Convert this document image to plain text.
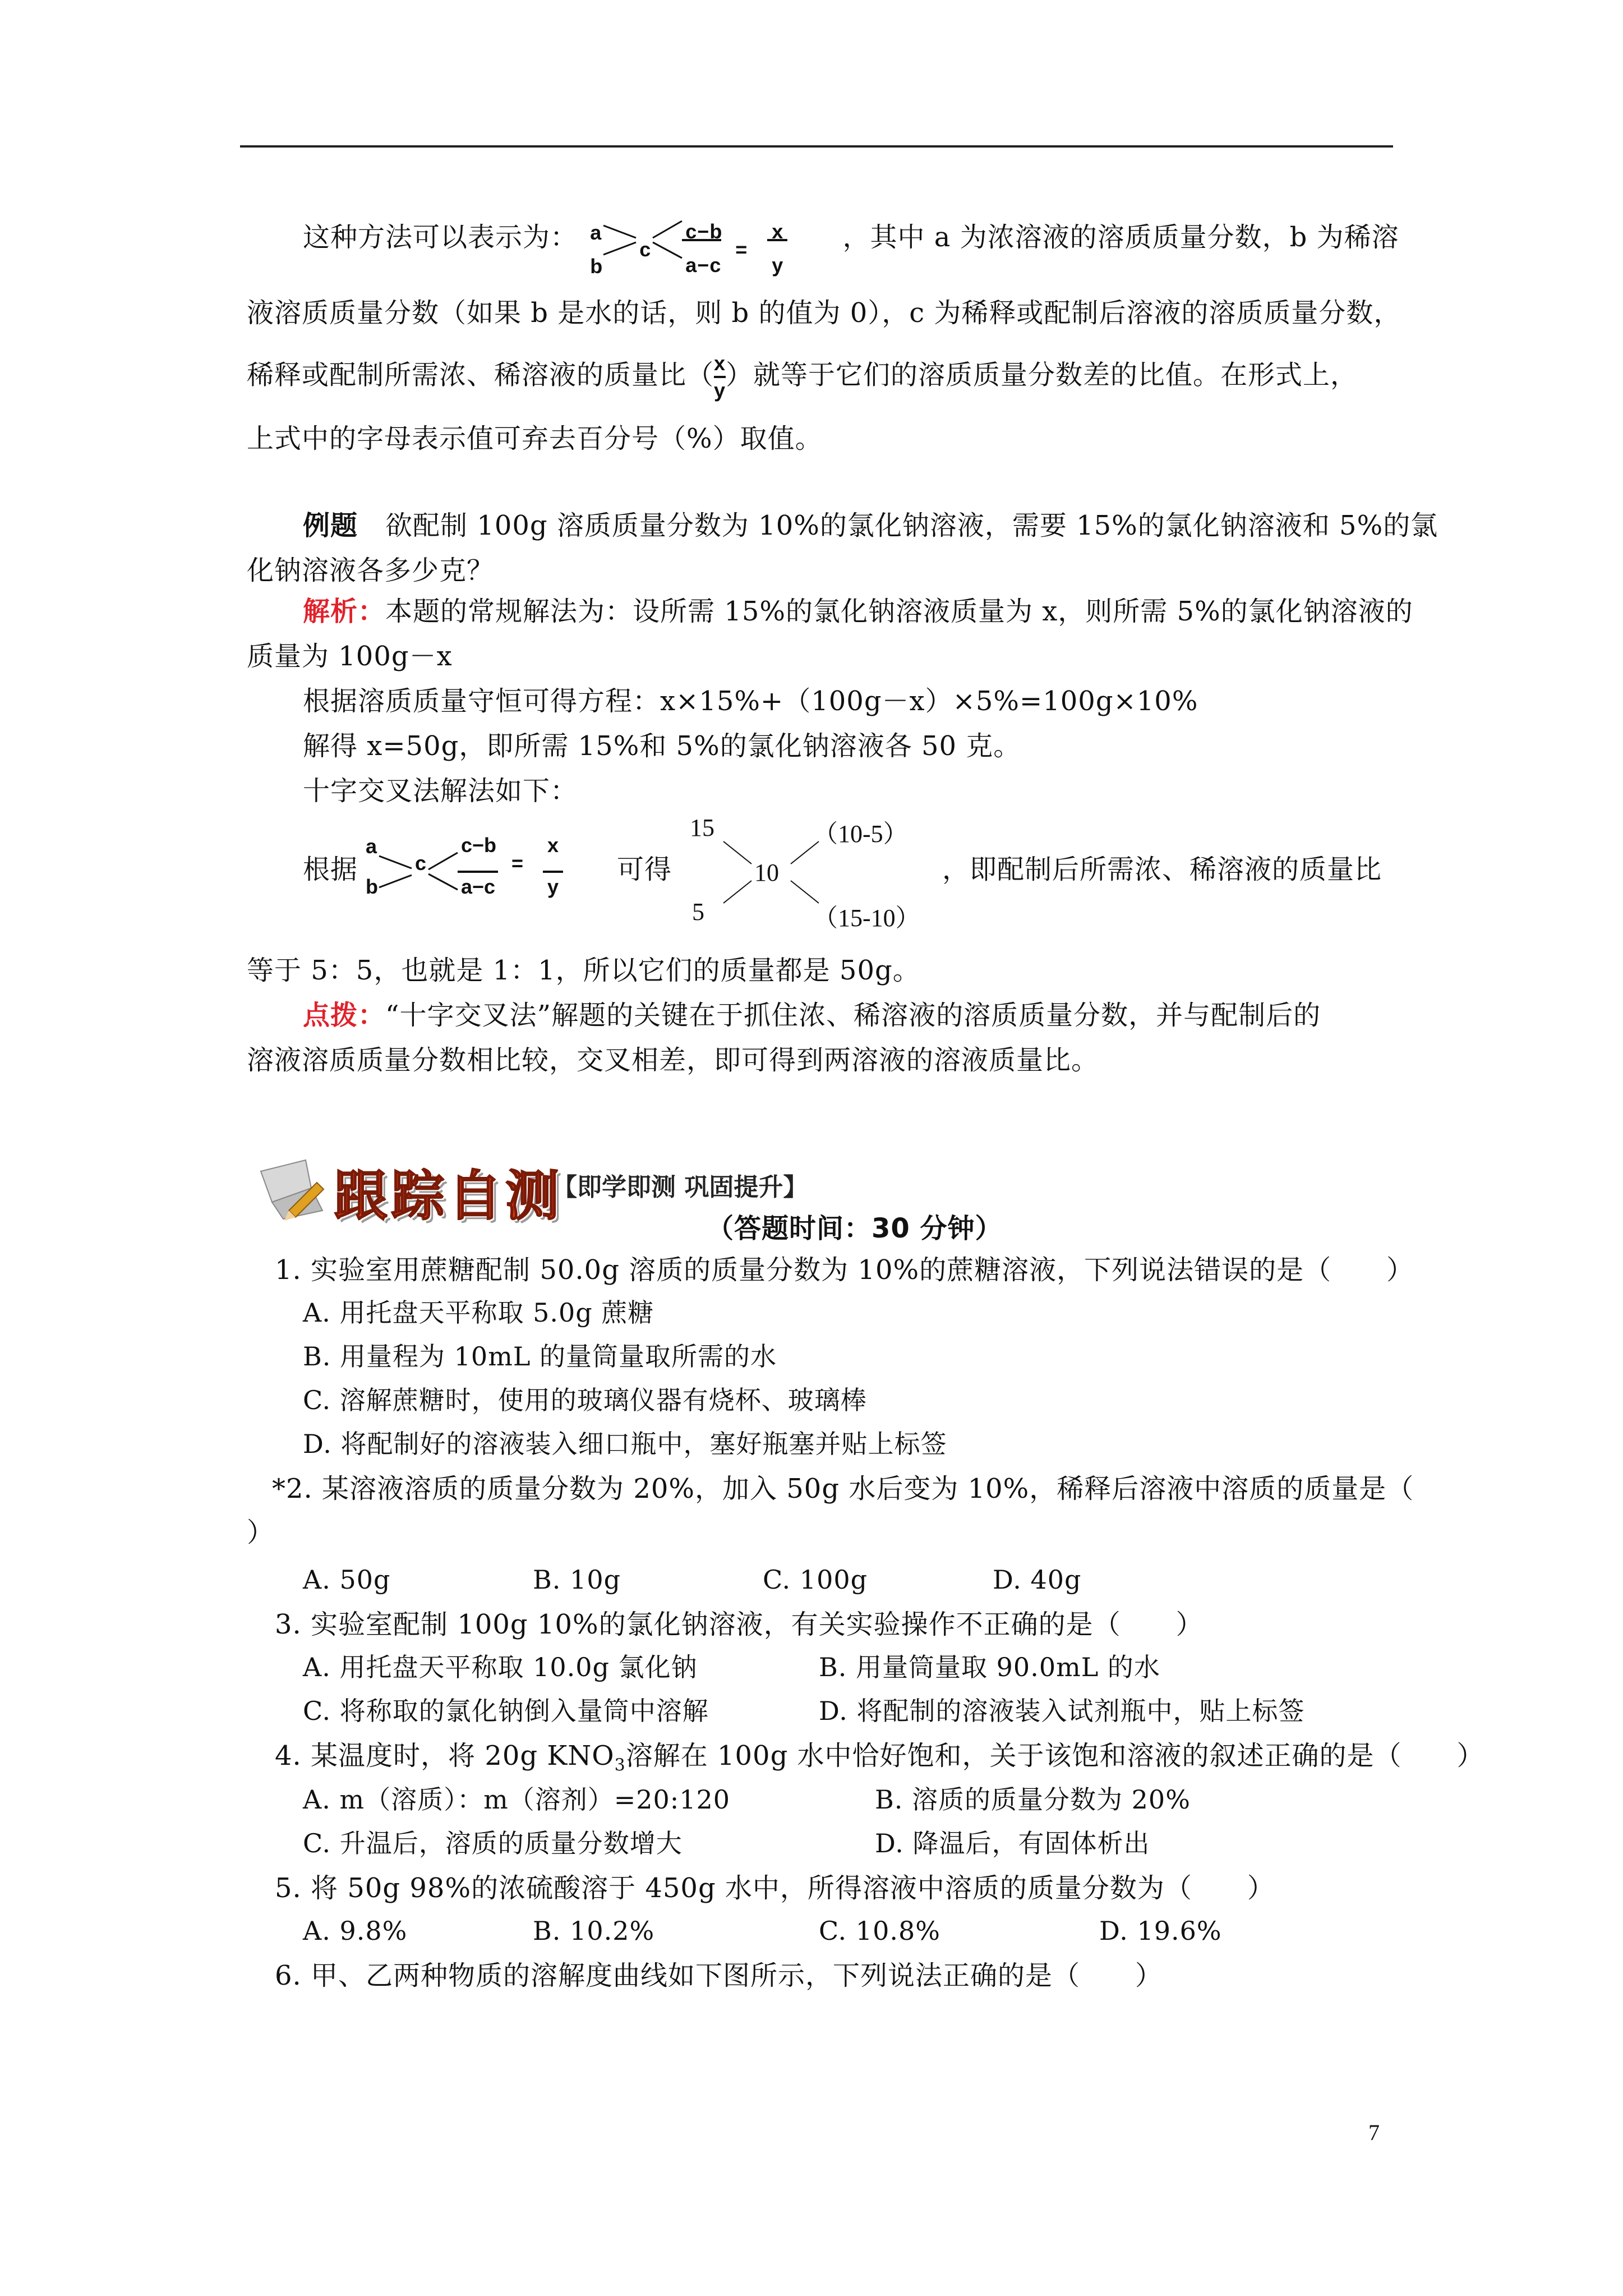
这种方法可以表示为： a
b
c
c−b
a−c
=
x
y
，其中 a 为浓溶液的溶质质量分数，b 为稀溶
液溶质质量分数（如果 b 是水的话，则 b 的值为 0），c 为稀释或配制后溶液的溶质质量分数，
稀释或配制所需浓、稀溶液的质量比（ $\frac{x}{y}$ ）就等于它们的溶质质量分数差的比值。在形式上，
上式中的字母表示值可弃去百分号（%）取值。
例题　 欲配制 100g 溶质质量分数为 10%的氯化钠溶液，需要 15%的氯化钠溶液和 5%的氯
化钠溶液各多少克？
解析：本题的常规解法为：设所需 15%的氯化钠溶液质量为 x，则所需 5%的氯化钠溶液的
质量为 100g－x
根据溶质质量守恒可得方程：x×15%+（100g－x）×5%=100g×10%
解得 x=50g，即所需 15%和 5%的氯化钠溶液各 50 克。
十字交叉法解法如下：
根据
a
b
c
c−b
a−c
=
x
y
可得
15
5
10
（10-5）
（15-10）
，即配制后所需浓、稀溶液的质量比
等于 5：5，也就是 1：1，所以它们的质量都是 50g。
点拨：“十字交叉法”解题的关键在于抓住浓、稀溶液的溶质质量分数，并与配制后的
溶液溶质质量分数相比较，交叉相差，即可得到两溶液的溶液质量比。
跟踪自测
【即学即测 巩固提升】
（答题时间：30 分钟）
1. 实验室用蔗糖配制 50.0g 溶质的质量分数为 10%的蔗糖溶液，下列说法错误的是（　　）
A. 用托盘天平称取 5.0g 蔗糖
B. 用量程为 10mL 的量筒量取所需的水
C. 溶解蔗糖时，使用的玻璃仪器有烧杯、玻璃棒
D. 将配制好的溶液装入细口瓶中，塞好瓶塞并贴上标签
*2. 某溶液溶质的质量分数为 20%，加入 50g 水后变为 10%，稀释后溶液中溶质的质量是（
）
A. 50g	B. 10g	C. 100g	D. 40g
3. 实验室配制 100g 10%的氯化钠溶液，有关实验操作不正确的是（　　）
A. 用托盘天平称取 10.0g 氯化钠	B. 用量筒量取 90.0mL 的水
C. 将称取的氯化钠倒入量筒中溶解	D. 将配制的溶液装入试剂瓶中，贴上标签
4. 某温度时，将 20g $KNO_3$溶解在 100g 水中恰好饱和，关于该饱和溶液的叙述正确的是（　　）
A. m（溶质）：m（溶剂）=20:120	B. 溶质的质量分数为 20%
C. 升温后，溶质的质量分数增大	D. 降温后，有固体析出
5. 将 50g 98%的浓硫酸溶于 450g 水中，所得溶液中溶质的质量分数为（　　）
A. 9.8%	B. 10.2%	C. 10.8%	D. 19.6%
6. 甲、乙两种物质的溶解度曲线如下图所示，下列说法正确的是（　　）
7
